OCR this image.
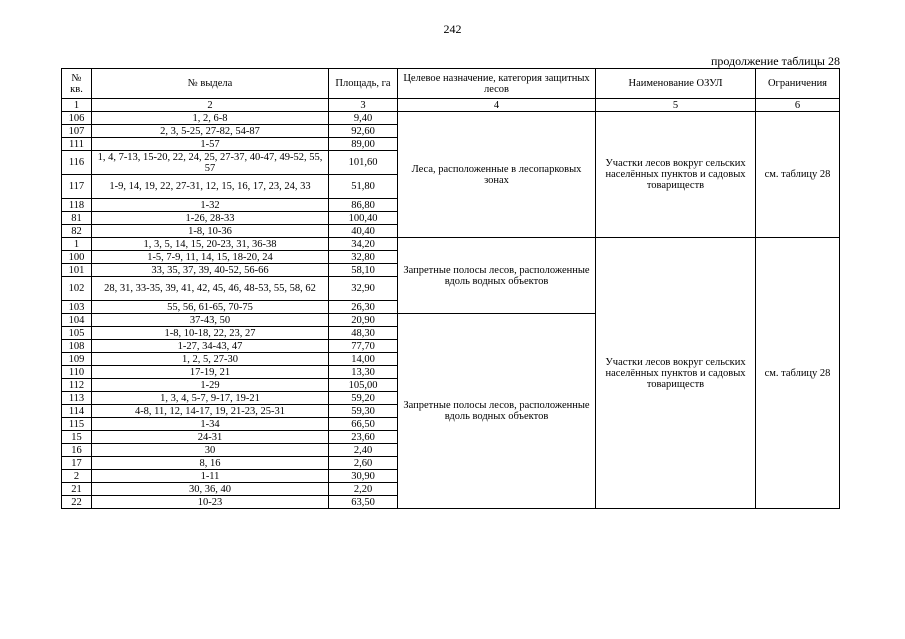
242
продолжение таблицы 28
№ кв.	№ выдела	Площадь, га	Целевое назначение, категория защитных лесов	Наименование ОЗУЛ	Ограничения
1	2	3	4	5	6
106	1, 2, 6-8	9,40	Леса, расположенные в лесопарковых зонах	Участки лесов вокруг сельских населённых пунктов и садовых товариществ	см. таблицу 28
107	2, 3, 5-25, 27-82, 54-87	92,60			
111	1-57	89,00			
116	1, 4, 7-13, 15-20, 22, 24, 25, 27-37, 40-47, 49-52, 55, 57	101,60			
117	1-9, 14, 19, 22, 27-31, 12, 15, 16, 17, 23, 24, 33	51,80			
118	1-32	86,80			
81	1-26, 28-33	100,40			
82	1-8, 10-36	40,40			
1	1, 3, 5, 14, 15, 20-23, 31, 36-38	34,20	Запретные полосы лесов, расположенные вдоль водных объектов	Участки лесов вокруг сельских населённых пунктов и садовых товариществ	см. таблицу 28
100	1-5, 7-9, 11, 14, 15, 18-20, 24	32,80			
101	33, 35, 37, 39, 40-52, 56-66	58,10			
102	28, 31, 33-35, 39, 41, 42, 45, 46, 48-53, 55, 58, 62	32,90			
103	55, 56, 61-65, 70-75	26,30			
104	37-43, 50	20,90	Запретные полосы лесов, расположенные вдоль водных объектов		
105	1-8, 10-18, 22, 23, 27	48,30			
108	1-27, 34-43, 47	77,70			
109	1, 2, 5, 27-30	14,00			
110	17-19, 21	13,30			
112	1-29	105,00			
113	1, 3, 4, 5-7, 9-17, 19-21	59,20			
114	4-8, 11, 12, 14-17, 19, 21-23, 25-31	59,30			
115	1-34	66,50			
15	24-31	23,60			
16	30	2,40			
17	8, 16	2,60			
2	1-11	30,90			
21	30, 36, 40	2,20			
22	10-23	63,50			
